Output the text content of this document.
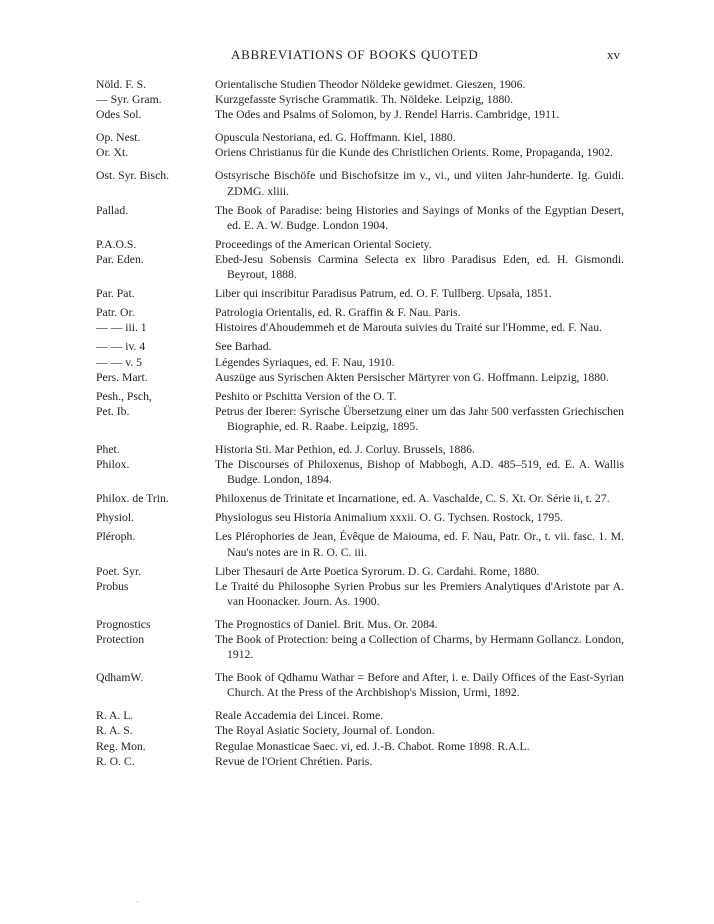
ABBREVIATIONS OF BOOKS QUOTED	xv
Nöld. F. S.	Orientalische Studien Theodor Nöldeke gewidmet. Gieszen, 1906.
— Syr. Gram.	Kurzgefasste Syrische Grammatik. Th. Nöldeke. Leipzig, 1880.
Odes Sol.	The Odes and Psalms of Solomon, by J. Rendel Harris. Cambridge, 1911.
Op. Nest.	Opuscula Nestoriana, ed. G. Hoffmann. Kiel, 1880.
Or. Xt.	Oriens Christianus für die Kunde des Christlichen Orients. Rome, Propaganda, 1902.
Ost. Syr. Bisch.	Ostsyrische Bischöfe und Bischofsitze im v., vi., und viiten Jahr-hunderte. Ig. Guidi. ZDMG. xliii.
Pallad.	The Book of Paradise: being Histories and Sayings of Monks of the Egyptian Desert, ed. E. A. W. Budge. London 1904.
P.A.O.S.	Proceedings of the American Oriental Society.
Par. Eden.	Ebed-Jesu Sobensis Carmina Selecta ex libro Paradisus Eden, ed. H. Gismondi. Beyrout, 1888.
Par. Pat.	Liber qui inscribitur Paradisus Patrum, ed. O. F. Tullberg. Upsala, 1851.
Patr. Or.	Patrologia Orientalis, ed. R. Graffin & F. Nau. Paris.
— — iii. 1	Histoires d'Ahoudemmeh et de Marouta suivies du Traité sur l'Homme, ed. F. Nau.
— — iv. 4	See Barhad.
— — v. 5	Légendes Syriaques, ed. F. Nau, 1910.
Pers. Mart.	Auszüge aus Syrischen Akten Persischer Märtyrer von G. Hoffmann. Leipzig, 1880.
Pesh., Psch,	Peshito or Pschitta Version of the O. T.
Pet. Ib.	Petrus der Iberer: Syrische Übersetzung einer um das Jahr 500 verfassten Griechischen Biographie, ed. R. Raabe. Leipzig, 1895.
Phet.	Historia Sti. Mar Pethion, ed. J. Corluy. Brussels, 1886.
Philox.	The Discourses of Philoxenus, Bishop of Mabbogh, A.D. 485–519, ed. E. A. Wallis Budge. London, 1894.
Philox. de Trin.	Philoxenus de Trinitate et Incarnatione, ed. A. Vaschalde, C. S. Xt. Or. Série ii, t. 27.
Physiol.	Physiologus seu Historia Animalium xxxii. O. G. Tychsen. Rostock, 1795.
Pléroph.	Les Plérophories de Jean, Évêque de Maiouma, ed. F. Nau, Patr. Or., t. vii. fasc. 1. M. Nau's notes are in R. O. C. iii.
Poet. Syr.	Liber Thesauri de Arte Poetica Syrorum. D. G. Cardahi. Rome, 1880.
Probus	Le Traité du Philosophe Syrien Probus sur les Premiers Analytiques d'Aristote par A. van Hoonacker. Journ. As. 1900.
Prognostics	The Prognostics of Daniel. Brit. Mus. Or. 2084.
Protection	The Book of Protection: being a Collection of Charms, by Hermann Gollancz. London, 1912.
QdhamW.	The Book of Qdhamu Wathar = Before and After, i. e. Daily Offices of the East-Syrian Church. At the Press of the Archbishop's Mission, Urmi, 1892.
R. A. L.	Reale Accademia dei Lincei. Rome.
R. A. S.	The Royal Asiatic Society, Journal of. London.
Reg. Mon.	Regulae Monasticae Saec. vi, ed. J.-B. Chabot. Rome 1898. R.A.L.
R. O. C.	Revue de l'Orient Chrétien. Paris.
·
